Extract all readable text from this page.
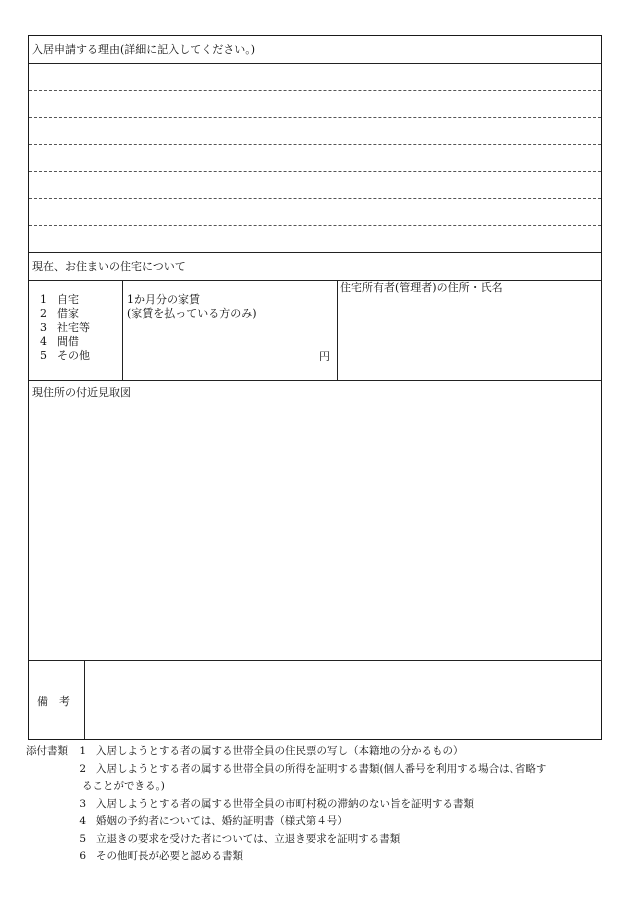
入居申請する理由(詳細に記入してください。)
現在、お住まいの住宅について
1 自宅
2 借家
3 社宅等
4 間借
5 その他
1か月分の家賃
(家賃を払っている方のみ)
円
住宅所有者(管理者)の住所・氏名
現住所の付近見取図
備　考
添付書類	1 入居しようとする者の属する世帯全員の住民票の写し（本籍地の分かるもの）
2 入居しようとする者の属する世帯全員の所得を証明する書類(個人番号を利用する場合は､省略す
ることができる。)
3 入居しようとする者の属する世帯全員の市町村税の滞納のない旨を証明する書類
4 婚姻の予約者については、婚約証明書（様式第４号）
5 立退きの要求を受けた者については、立退き要求を証明する書類
6 その他町長が必要と認める書類
